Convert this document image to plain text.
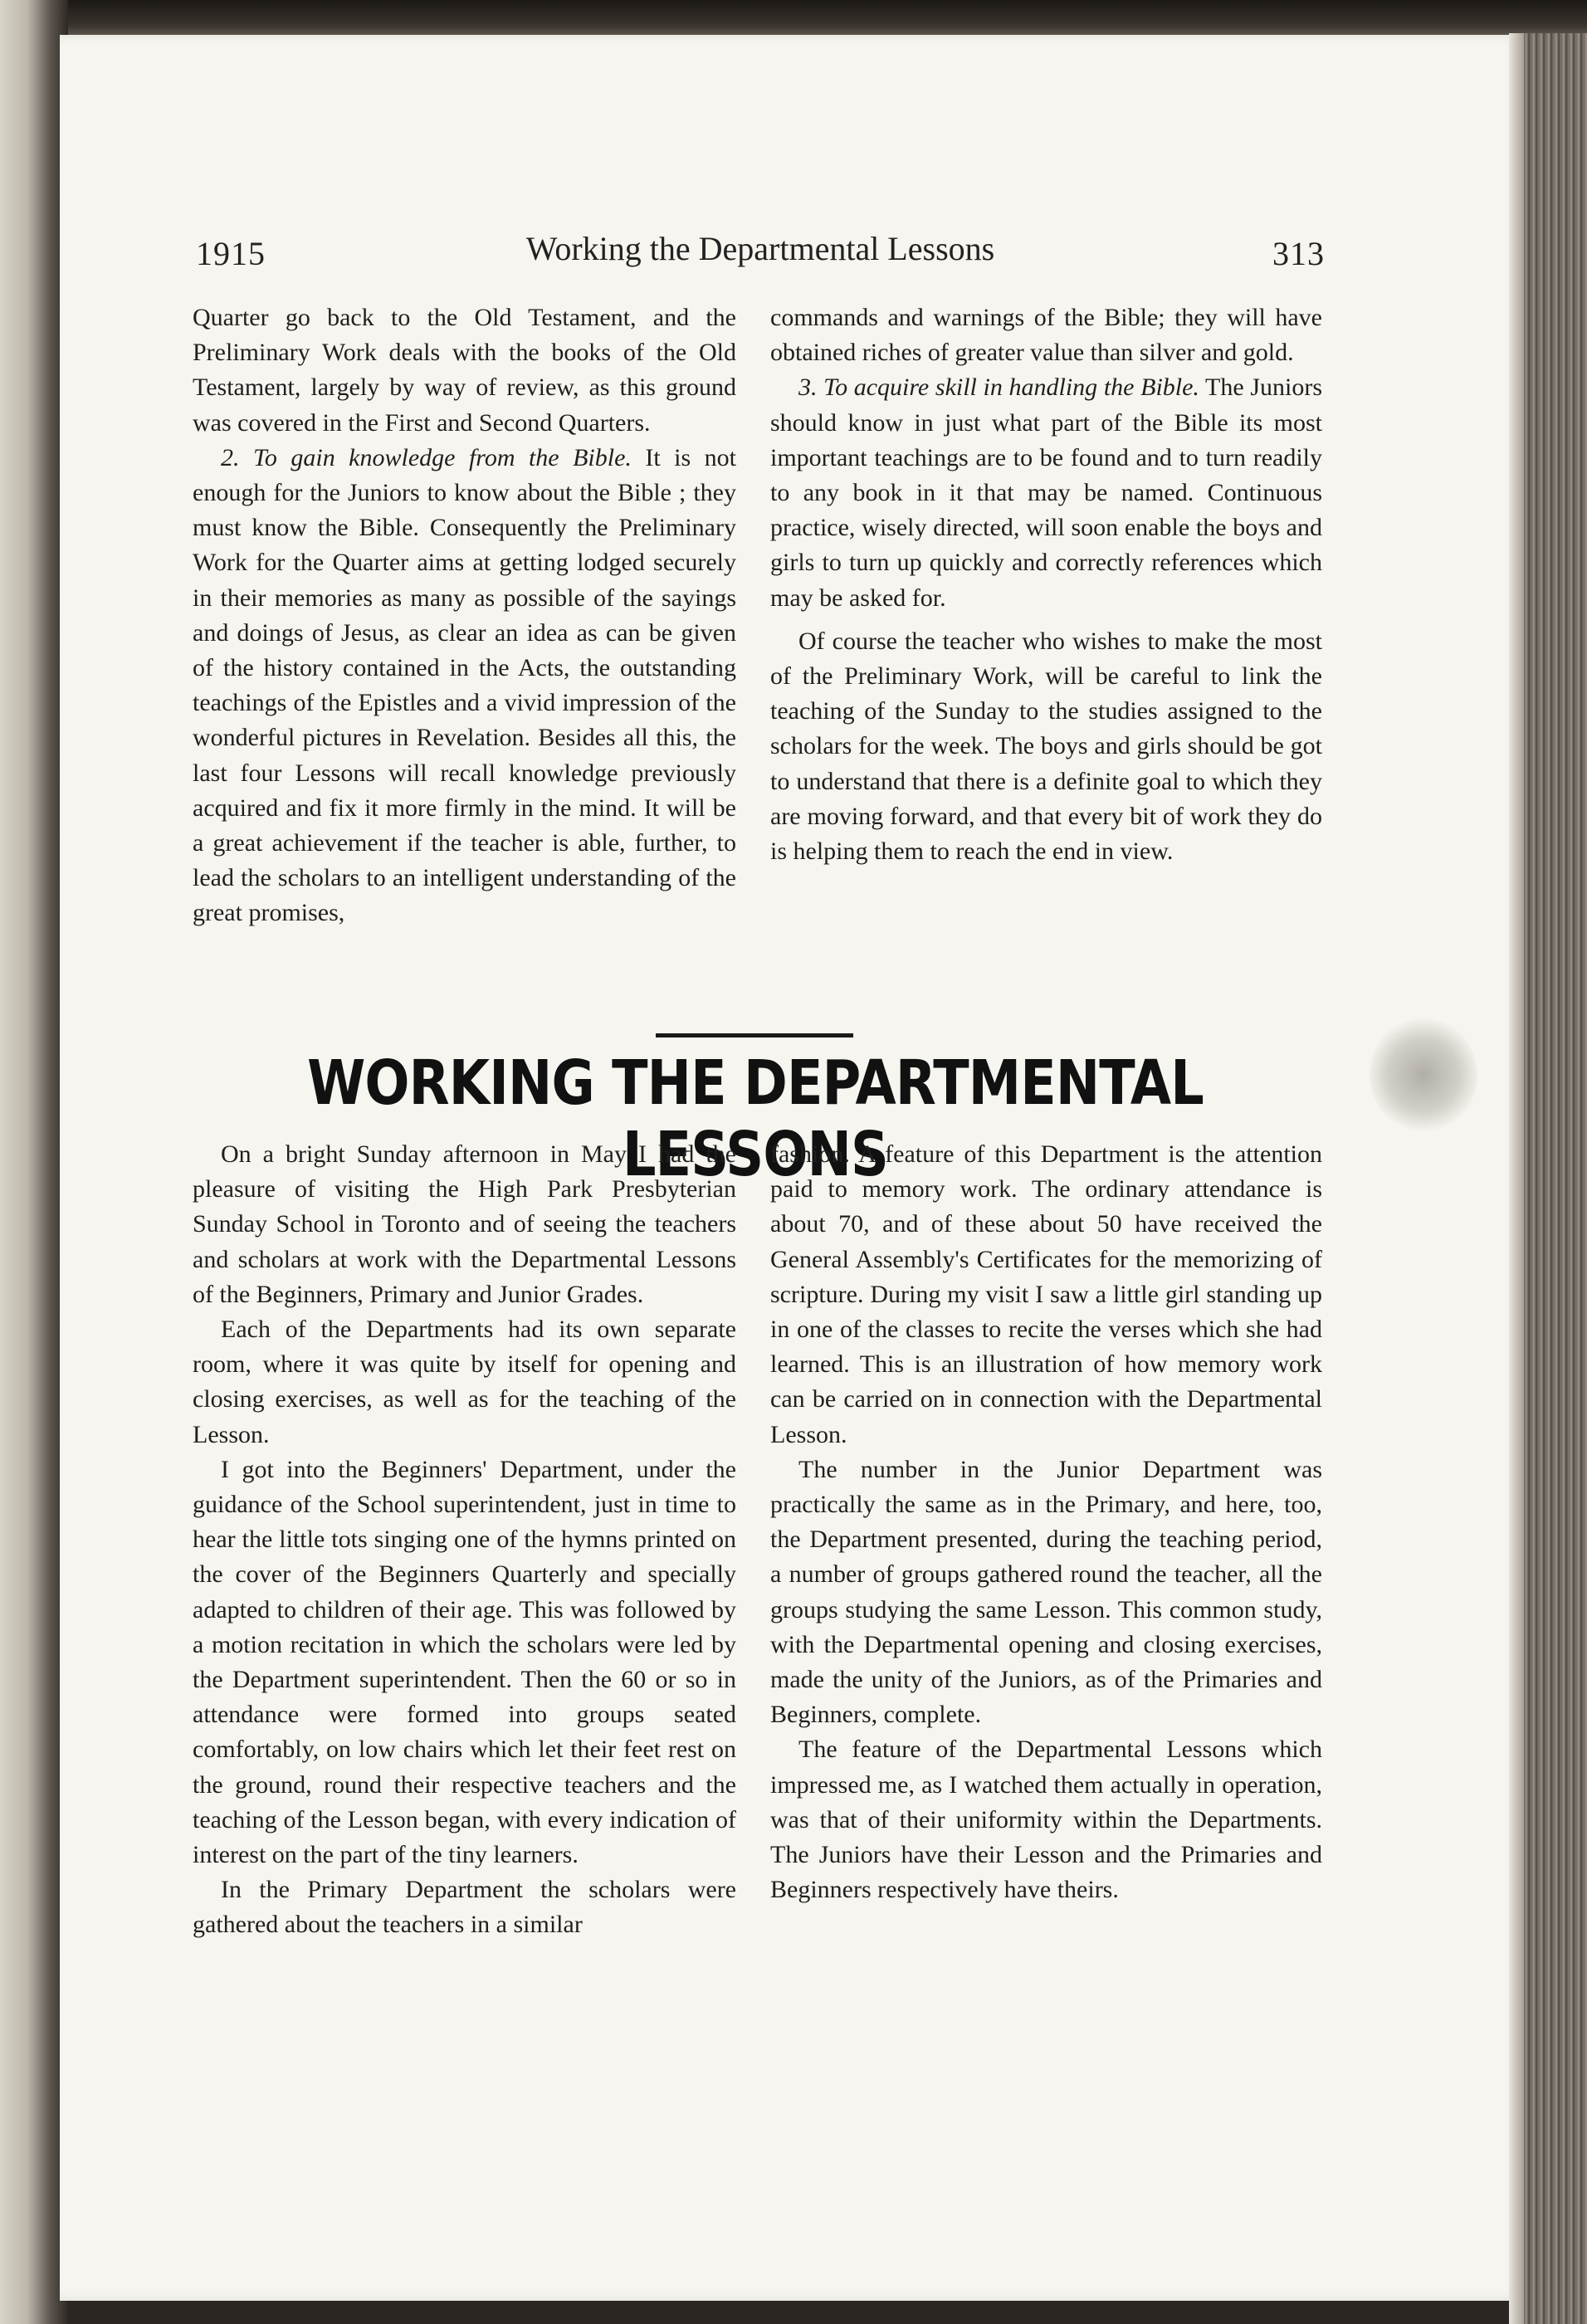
1915	Working the Departmental Lessons	313

Quarter go back to the Old Testament, and the Preliminary Work deals with the books of the Old Testament, largely by way of review, as this ground was covered in the First and Second Quarters.

2. To gain knowledge from the Bible. It is not enough for the Juniors to know about the Bible ; they must know the Bible. Consequently the Preliminary Work for the Quarter aims at getting lodged securely in their memories as many as possible of the sayings and doings of Jesus, as clear an idea as can be given of the history contained in the Acts, the outstanding teachings of the Epistles and a vivid impression of the wonderful pictures in Revelation. Besides all this, the last four Lessons will recall knowledge previously acquired and fix it more firmly in the mind. It will be a great achievement if the teacher is able, further, to lead the scholars to an intelligent understanding of the great promises,

commands and warnings of the Bible; they will have obtained riches of greater value than silver and gold.

3. To acquire skill in handling the Bible. The Juniors should know in just what part of the Bible its most important teachings are to be found and to turn readily to any book in it that may be named. Continuous practice, wisely directed, will soon enable the boys and girls to turn up quickly and correctly references which may be asked for.

Of course the teacher who wishes to make the most of the Preliminary Work, will be careful to link the teaching of the Sunday to the studies assigned to the scholars for the week. The boys and girls should be got to understand that there is a definite goal to which they are moving forward, and that every bit of work they do is helping them to reach the end in view.

WORKING THE DEPARTMENTAL LESSONS

On a bright Sunday afternoon in May I had the pleasure of visiting the High Park Presbyterian Sunday School in Toronto and of seeing the teachers and scholars at work with the Departmental Lessons of the Beginners, Primary and Junior Grades.

Each of the Departments had its own separate room, where it was quite by itself for opening and closing exercises, as well as for the teaching of the Lesson.

I got into the Beginners' Department, under the guidance of the School superintendent, just in time to hear the little tots singing one of the hymns printed on the cover of the Beginners Quarterly and specially adapted to children of their age. This was followed by a motion recitation in which the scholars were led by the Department superintendent. Then the 60 or so in attendance were formed into groups seated comfortably, on low chairs which let their feet rest on the ground, round their respective teachers and the teaching of the Lesson began, with every indication of interest on the part of the tiny learners.

In the Primary Department the scholars were gathered about the teachers in a similar

fashion. A feature of this Department is the attention paid to memory work. The ordinary attendance is about 70, and of these about 50 have received the General Assembly's Certificates for the memorizing of scripture. During my visit I saw a little girl standing up in one of the classes to recite the verses which she had learned. This is an illustration of how memory work can be carried on in connection with the Departmental Lesson.

The number in the Junior Department was practically the same as in the Primary, and here, too, the Department presented, during the teaching period, a number of groups gathered round the teacher, all the groups studying the same Lesson. This common study, with the Departmental opening and closing exercises, made the unity of the Juniors, as of the Primaries and Beginners, complete.

The feature of the Departmental Lessons which impressed me, as I watched them actually in operation, was that of their uniformity within the Departments. The Juniors have their Lesson and the Primaries and Beginners respectively have theirs.
